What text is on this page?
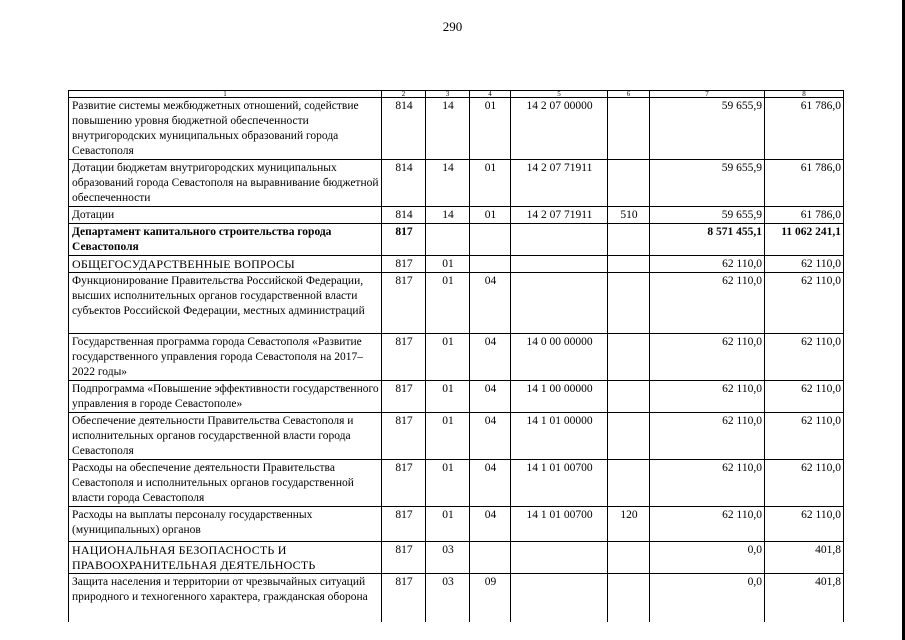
290
1	2	3	4	5	6	7	8
Развитие системы межбюджетных отношений, содействие повышению уровня бюджетной обеспеченности внутригородских муниципальных образований города Севастополя	814	14	01	14 2 07 00000		59 655,9	61 786,0
Дотации бюджетам внутригородских муниципальных образований города Севастополя на выравнивание бюджетной обеспеченности	814	14	01	14 2 07 71911		59 655,9	61 786,0
Дотации	814	14	01	14 2 07 71911	510	59 655,9	61 786,0
Департамент капитального строительства города Севастополя	817					8 571 455,1	11 062 241,1
ОБЩЕГОСУДАРСТВЕННЫЕ ВОПРОСЫ	817	01				62 110,0	62 110,0
Функционирование Правительства Российской Федерации, высших исполнительных органов государственной власти субъектов Российской Федерации, местных администраций	817	01	04			62 110,0	62 110,0
Государственная программа города Севастополя «Развитие государственного управления города Севастополя на 2017–2022 годы»	817	01	04	14 0 00 00000		62 110,0	62 110,0
Подпрограмма «Повышение эффективности государственного управления в городе Севастополе»	817	01	04	14 1 00 00000		62 110,0	62 110,0
Обеспечение деятельности Правительства Севастополя и исполнительных органов государственной власти города Севастополя	817	01	04	14 1 01 00000		62 110,0	62 110,0
Расходы на обеспечение деятельности Правительства Севастополя и исполнительных органов государственной власти города Севастополя	817	01	04	14 1 01 00700		62 110,0	62 110,0
Расходы на выплаты персоналу государственных (муниципальных) органов	817	01	04	14 1 01 00700	120	62 110,0	62 110,0
НАЦИОНАЛЬНАЯ БЕЗОПАСНОСТЬ И ПРАВООХРАНИТЕЛЬНАЯ ДЕЯТЕЛЬНОСТЬ	817	03				0,0	401,8
Защита населения и территории от чрезвычайных ситуаций природного и техногенного характера, гражданская оборона	817	03	09			0,0	401,8
